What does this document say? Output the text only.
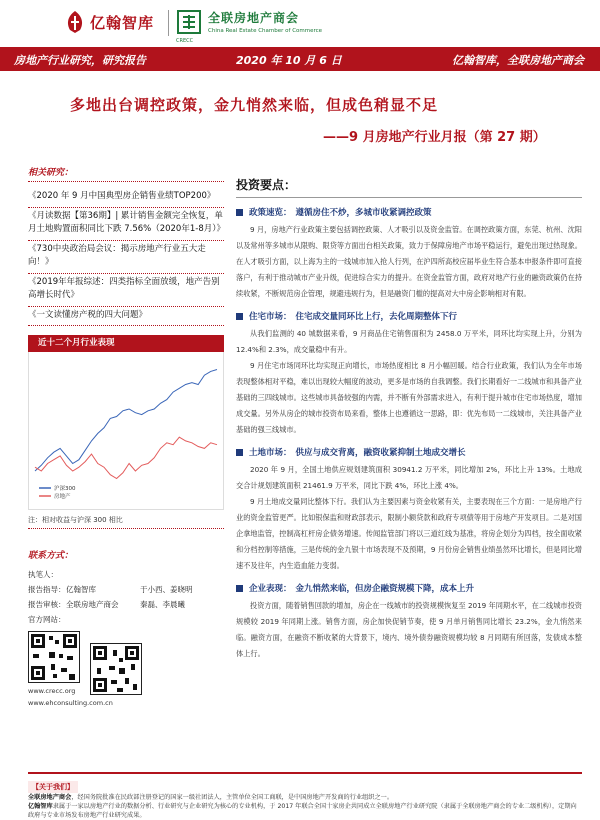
亿翰智库
CRECC
全联房地产商会
China Real Estate Chamber of Commerce
房地产行业研究，研究报告	2020 年 10 月 6 日	亿翰智库，全联房地产商会
多地出台调控政策，金九悄然来临，但成色稍显不足
——9 月房地产行业月报（第 27 期）
相关研究：
《2020 年 9 月中国典型房企销售业绩TOP200》
《月读数据【第36期】| 累计销售金额完全恢复，单月土地购置面积同比下跌 7.56%（2020年1-8月）》
《730中央政治局会议：揭示房地产行业五大走向！》
《2019年年报综述：四类指标全面放缓，地产告别高增长时代》
《一文读懂房产税的四大问题》
近十二个月行业表现
沪深300
房地产
注：相对收益与沪深 300 相比
联系方式：
执笔人：
报告指导： 亿翰智库	于小西、姜晓明
报告审核： 全联房地产商会	秦磊、李晨曦
官方网站：
www.crecc.org
www.ehconsulting.com.cn
投资要点：
政策速览： 遵循房住不炒，多城市收紧调控政策

9 月，房地产行业政策主要包括调控政策、人才吸引以及资金监管。在调控政策方面，东莞、杭州、沈阳以及常州等多城市从限购、限贷等方面出台相关政策，致力于保障房地产市场平稳运行，避免出现过热现象。在人才吸引方面，以上海为主的一线城市加入抢人行列，在沪四所高校应届毕业生符合基本申报条件即可直接落户，有利于推动城市产业升级，促进综合实力的提升。在资金监管方面，政府对地产行业的融资政策仍在持续收紧，不断规范房企管理，规避违规行为，但是融资门槛的提高对大中房企影响相对有限。

住宅市场： 住宅成交量同环比上行，去化周期整体下行

从我们监测的 40 城数据来看，9 月商品住宅销售面积为 2458.0 万平米，同环比均实现上升，分别为 12.4%和 2.3%，成交量稳中有升。

9 月住宅市场同环比均实现正向增长，市场热度相比 8 月小幅回暖。结合行业政策，我们认为全年市场表现整体相对平稳，难以出现较大幅度的波动，更多是市场的自我调整。我们长期看好一二线城市和具备产业基础的三四线城市。这些城市具备较强的内需，并不断有外部需求进入，有利于提升城市住宅市场热度，增加成交量。另外从房企的城市投资布局来看，整体上也遵循这一思路，即：优先布局一二线城市，关注具备产业基础的强三线城市。

土地市场： 供应与成交背离，融资收紧抑制土地成交增长

2020 年 9 月，全国土地供应规划建筑面积 30941.2 万平米，同比增加 2%，环比上升 13%。土地成交合计规划建筑面积 21461.9 万平米，同比下跌 4%，环比上涨 4%。

9 月土地成交量同比整体下行。我们认为主要因素与资金收紧有关，主要表现在三个方面：一是房地产行业的资金监管更严。比如银保监和财政部表示，限制小额贷款和政府专项债等用于房地产开发项目。二是对国企拿地监管，控制高杠杆房企债务增速。传闻监管部门将以三道红线为基准，将房企划分为四档，按全面收紧和分档控制等措施，三是传统的金九银十市场表现不及预期，9 月份房企销售业绩虽然环比增长，但是同比增速不及往年，内生造血能力变弱。

企业表现： 金九悄然来临，但房企融资规模下降，成本上升

投资方面，随着销售回款的增加，房企在一线城市的投资规模恢复至 2019 年同期水平，在二线城市投资规模较 2019 年同期上涨。销售方面，房企加快促销节奏，使 9 月单月销售同比增长 23.2%，金九悄然来临。融资方面，在融资不断收紧的大背景下，境内、境外债券融资规模均较 8 月同期有所回落，发债成本整体上行。

【关于我们】
全联房地产商会，经国务院批准在民政部注册登记的国家一级社团法人，主管单位全国工商联，是中国房地产开发商的行业组织之一。
亿翰智库隶属于一家以房地产行业的数据分析、行业研究与企业研究为核心的专业机构，于 2017 年联合全国十家房企共同成立全联房地产行业研究院（隶属于全联房地产商会的专业二级机构），定期向政府与专业市场发布房地产行业研究成果。
